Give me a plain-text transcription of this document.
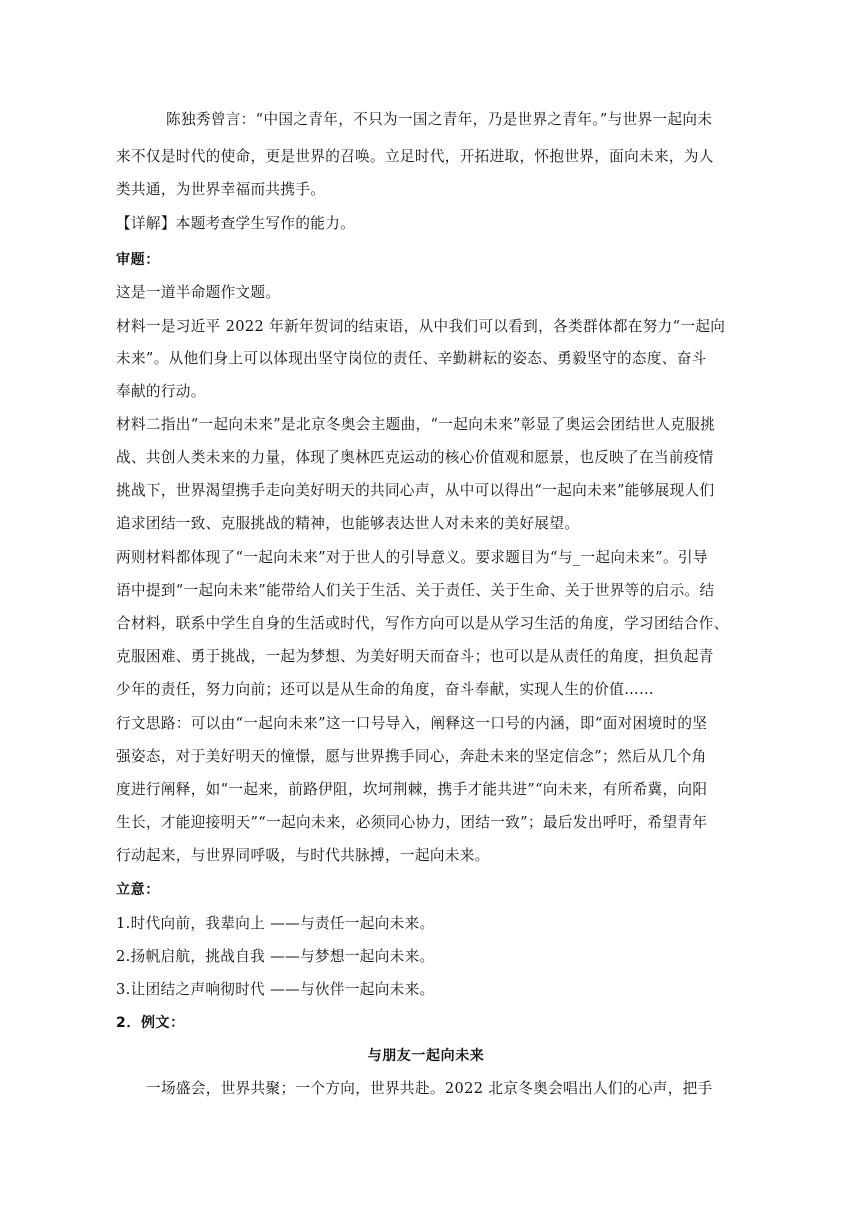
陈独秀曾言：“中国之青年，不只为一国之青年，乃是世界之青年。”与世界一起向未
来不仅是时代的使命，更是世界的召唤。立足时代，开拓进取，怀抱世界，面向未来，为人
类共通，为世界幸福而共携手。
【详解】本题考查学生写作的能力。
审题：
这是一道半命题作文题。
材料一是习近平 2022 年新年贺词的结束语，从中我们可以看到，各类群体都在努力“一起向
未来”。从他们身上可以体现出坚守岗位的责任、辛勤耕耘的姿态、勇毅坚守的态度、奋斗
奉献的行动。
材料二指出“一起向未来”是北京冬奥会主题曲，“一起向未来”彰显了奥运会团结世人克服挑
战、共创人类未来的力量，体现了奥林匹克运动的核心价值观和愿景，也反映了在当前疫情
挑战下，世界渴望携手走向美好明天的共同心声，从中可以得出“一起向未来”能够展现人们
追求团结一致、克服挑战的精神，也能够表达世人对未来的美好展望。
两则材料都体现了“一起向未来”对于世人的引导意义。要求题目为“与_一起向未来”。引导
语中提到“一起向未来”能带给人们关于生活、关于责任、关于生命、关于世界等的启示。结
合材料，联系中学生自身的生活或时代，写作方向可以是从学习生活的角度，学习团结合作、
克服困难、勇于挑战，一起为梦想、为美好明天而奋斗；也可以是从责任的角度，担负起青
少年的责任，努力向前；还可以是从生命的角度，奋斗奉献，实现人生的价值……
行文思路：可以由“一起向未来”这一口号导入，阐释这一口号的内涵，即“面对困境时的坚
强姿态，对于美好明天的憧憬，愿与世界携手同心，奔赴未来的坚定信念”；然后从几个角
度进行阐释，如“一起来，前路伊阻，坎坷荆棘，携手才能共进”“向未来，有所希冀，向阳
生长，才能迎接明天”“一起向未来，必须同心协力，团结一致”；最后发出呼吁，希望青年
行动起来，与世界同呼吸，与时代共脉搏，一起向未来。
立意：
1.时代向前，我辈向上 ——与责任一起向未来。
2.扬帆启航，挑战自我 ——与梦想一起向未来。
3.让团结之声响彻时代 ——与伙伴一起向未来。
2．例文：
与朋友一起向未来
一场盛会，世界共聚；一个方向，世界共赴。2022 北京冬奥会唱出人们的心声，把手
